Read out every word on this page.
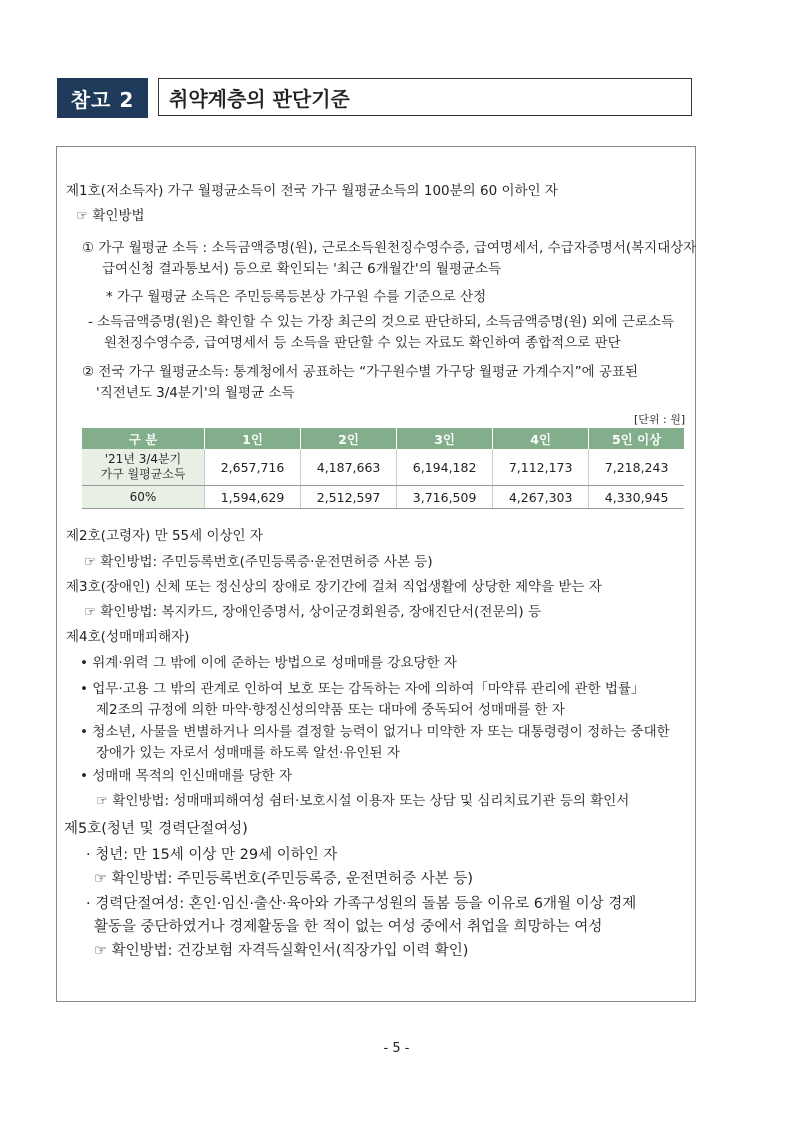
참고 2	취약계층의 판단기준
제1호(저소득자) 가구 월평균소득이 전국 가구 월평균소득의 100분의 60 이하인 자
☞ 확인방법
① 가구 월평균 소득 : 소득금액증명(원), 근로소득원천징수영수증, 급여명세서, 수급자증명서(복지대상자
급여신청 결과통보서) 등으로 확인되는 '최근 6개월간'의 월평균소득
* 가구 월평균 소득은 주민등록등본상 가구원 수를 기준으로 산정
- 소득금액증명(원)은 확인할 수 있는 가장 최근의 것으로 판단하되, 소득금액증명(원) 외에 근로소득
원천징수영수증, 급여명세서 등 소득을 판단할 수 있는 자료도 확인하여 종합적으로 판단
② 전국 가구 월평균소득: 통계청에서 공표하는 “가구원수별 가구당 월평균 가계수지”에 공표된
'직전년도 3/4분기'의 월평균 소득
[단위 : 원]
구 분	1인	2인	3인	4인	5인 이상
'21년 3/4분기
가구 월평균소득	2,657,716	4,187,663	6,194,182	7,112,173	7,218,243
60%	1,594,629	2,512,597	3,716,509	4,267,303	4,330,945
제2호(고령자) 만 55세 이상인 자
☞ 확인방법: 주민등록번호(주민등록증·운전면허증 사본 등)
제3호(장애인) 신체 또는 정신상의 장애로 장기간에 걸쳐 직업생활에 상당한 제약을 받는 자
☞ 확인방법: 복지카드, 장애인증명서, 상이군경회원증, 장애진단서(전문의) 등
제4호(성매매피해자)
• 위계·위력 그 밖에 이에 준하는 방법으로 성매매를 강요당한 자
• 업무·고용 그 밖의 관계로 인하여 보호 또는 감독하는 자에 의하여「마약류 관리에 관한 법률」
제2조의 규정에 의한 마약·향정신성의약품 또는 대마에 중독되어 성매매를 한 자
• 청소년, 사물을 변별하거나 의사를 결정할 능력이 없거나 미약한 자 또는 대통령령이 정하는 중대한
장애가 있는 자로서 성매매를 하도록 알선·유인된 자
• 성매매 목적의 인신매매를 당한 자
☞ 확인방법: 성매매피해여성 쉼터·보호시설 이용자 또는 상담 및 심리치료기관 등의 확인서
제5호(청년 및 경력단절여성)
· 청년: 만 15세 이상 만 29세 이하인 자
☞ 확인방법: 주민등록번호(주민등록증, 운전면허증 사본 등)
· 경력단절여성: 혼인·임신·출산·육아와 가족구성원의 돌봄 등을 이유로 6개월 이상 경제
활동을 중단하였거나 경제활동을 한 적이 없는 여성 중에서 취업을 희망하는 여성
☞ 확인방법: 건강보험 자격득실확인서(직장가입 이력 확인)
- 5 -
